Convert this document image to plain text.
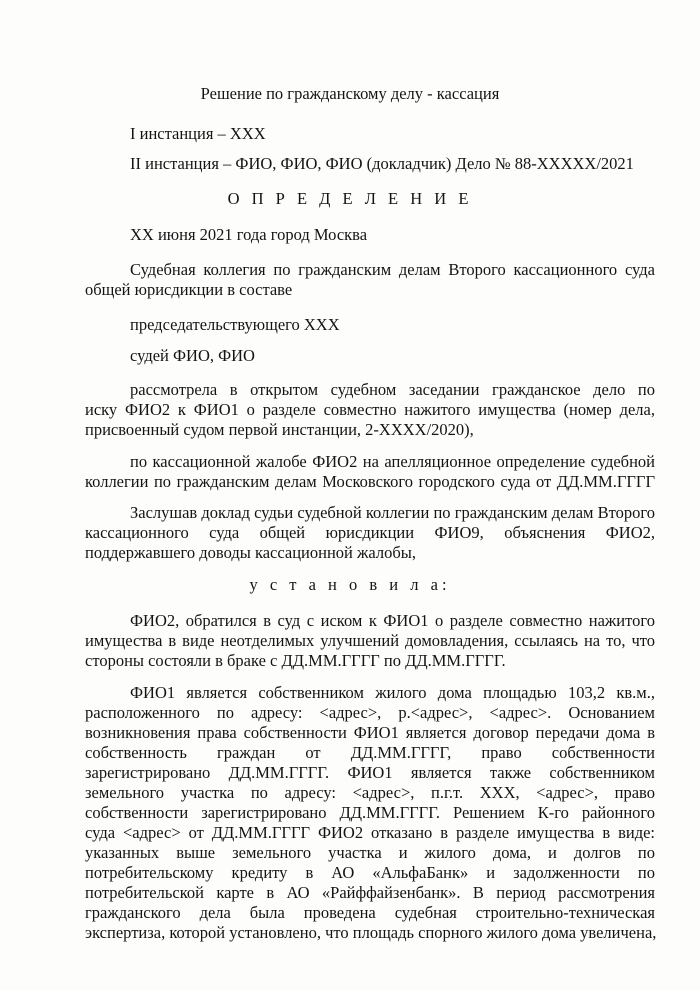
Решение по гражданскому делу - кассация
I инстанция – ХХХ
II инстанция – ФИО, ФИО, ФИО (докладчик) Дело № 88-ХХХХХ/2021
О П Р Е Д Е Л Е Н И Е
ХХ июня 2021 года город Москва
Судебная коллегия по гражданским делам Второго кассационного суда
общей юрисдикции в составе
председательствующего ХХХ
судей ФИО, ФИО
рассмотрела в открытом судебном заседании гражданское дело по
иску ФИО2 к ФИО1 о разделе совместно нажитого имущества (номер дела,
присвоенный судом первой инстанции, 2-ХХХХ/2020),
по кассационной жалобе ФИО2 на апелляционное определение судебной
коллегии по гражданским делам Московского городского суда от ДД.ММ.ГГГГ
Заслушав доклад судьи судебной коллегии по гражданским делам Второго
кассационного суда общей юрисдикции ФИО9, объяснения ФИО2,
поддержавшего доводы кассационной жалобы,
у с т а н о в и л а:
ФИО2, обратился в суд с иском к ФИО1 о разделе совместно нажитого
имущества в виде неотделимых улучшений домовладения, ссылаясь на то, что
стороны состояли в браке с ДД.ММ.ГГГГ по ДД.ММ.ГГГГ.
ФИО1 является собственником жилого дома площадью 103,2 кв.м.,
расположенного по адресу: <адрес>, р.<адрес>, <адрес>. Основанием
возникновения права собственности ФИО1 является договор передачи дома в
собственность граждан от ДД.ММ.ГГГГ, право собственности
зарегистрировано ДД.ММ.ГГГГ. ФИО1 является также собственником
земельного участка по адресу: <адрес>, п.г.т. ХХХ, <адрес>, право
собственности зарегистрировано ДД.ММ.ГГГГ. Решением К-го районного
суда <адрес> от ДД.ММ.ГГГГ ФИО2 отказано в разделе имущества в виде:
указанных выше земельного участка и жилого дома, и долгов по
потребительскому кредиту в АО «АльфаБанк» и задолженности по
потребительской карте в АО «Райффайзенбанк». В период рассмотрения
гражданского дела была проведена судебная строительно-техническая
экспертиза, которой установлено, что площадь спорного жилого дома увеличена,
